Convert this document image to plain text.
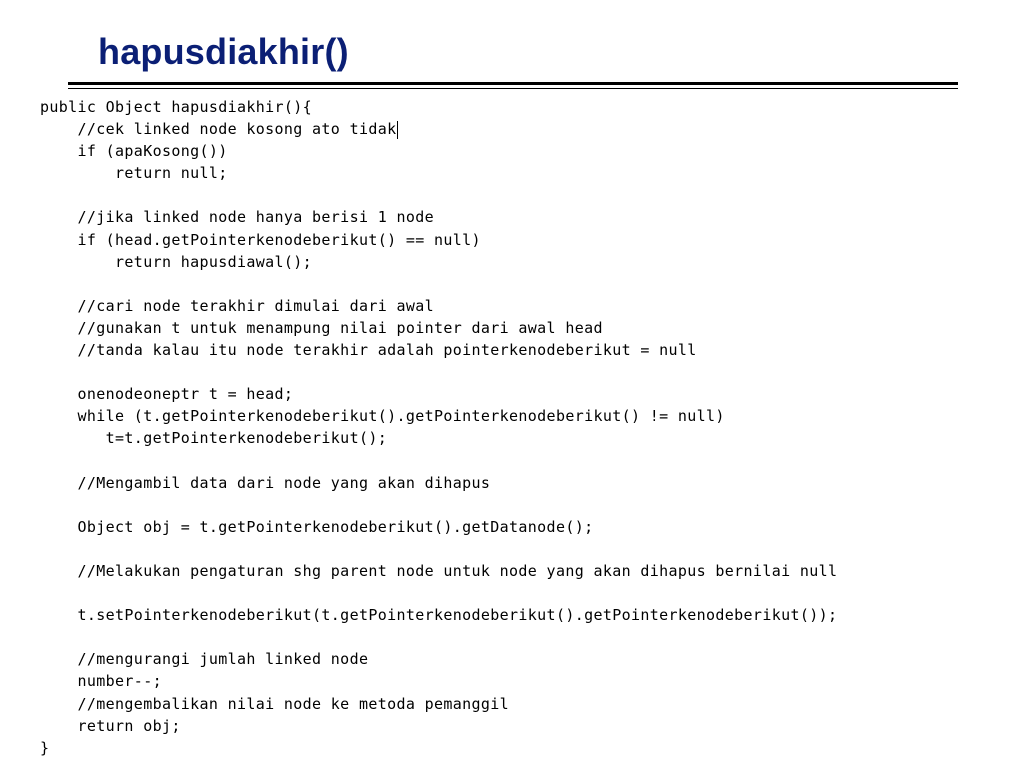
hapusdiakhir()
public Object hapusdiakhir(){
//cek linked node kosong ato tidak
if (apaKosong())
return null;
//jika linked node hanya berisi 1 node
if (head.getPointerkenodeberikut() == null)
return hapusdiawal();
//cari node terakhir dimulai dari awal
//gunakan t untuk menampung nilai pointer dari awal head
//tanda kalau itu node terakhir adalah pointerkenodeberikut = null
onenodeoneptr t = head;
while (t.getPointerkenodeberikut().getPointerkenodeberikut() != null)
t=t.getPointerkenodeberikut();
//Mengambil data dari node yang akan dihapus
Object obj = t.getPointerkenodeberikut().getDatanode();
//Melakukan pengaturan shg parent node untuk node yang akan dihapus bernilai null
t.setPointerkenodeberikut(t.getPointerkenodeberikut().getPointerkenodeberikut());
//mengurangi jumlah linked node
number--;
//mengembalikan nilai node ke metoda pemanggil
return obj;
}
